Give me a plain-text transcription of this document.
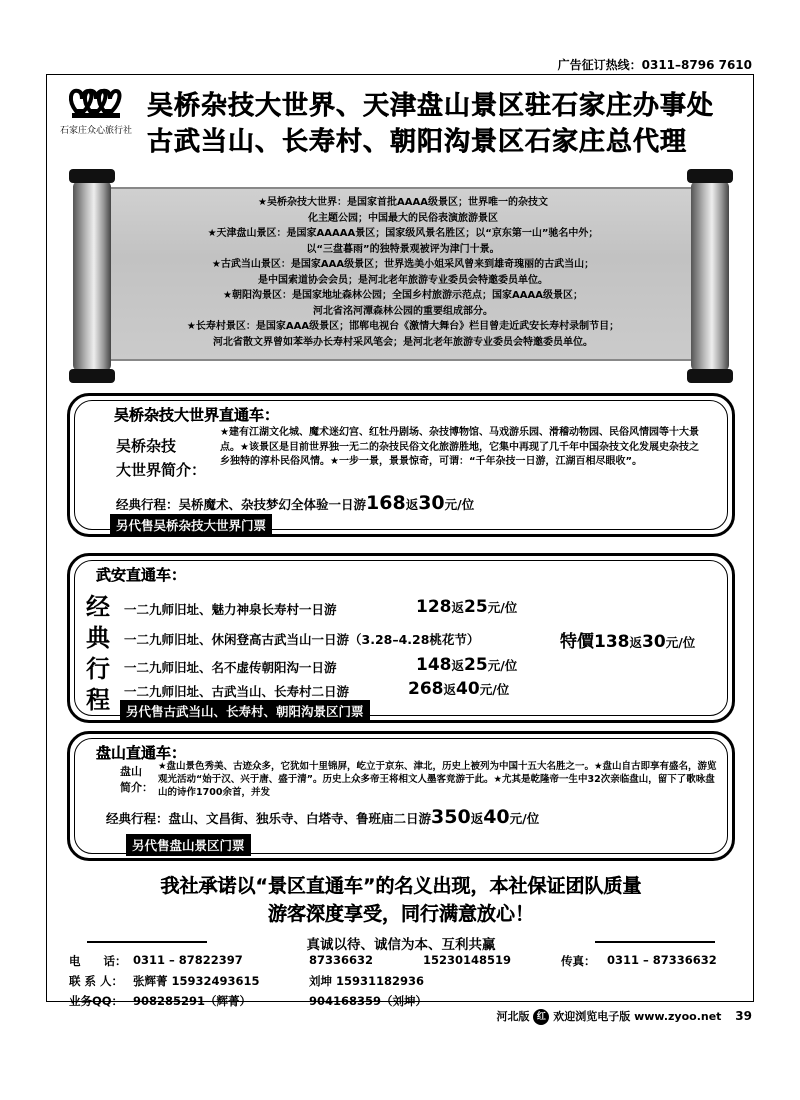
广告征订热线：0311–8796 7610
石家庄众心旅行社
吴桥杂技大世界、天津盘山景区驻石家庄办事处
古武当山、长寿村、朝阳沟景区石家庄总代理
★吴桥杂技大世界：是国家首批AAAA级景区；世界唯一的杂技文
化主题公园；中国最大的民俗表演旅游景区
★天津盘山景区：是国家AAAAA景区；国家级风景名胜区；以“京东第一山”驰名中外；
以“三盘暮雨”的独特景观被评为津门十景。
★古武当山景区：是国家AAA级景区；世界选美小姐采风曾来到雄奇瑰丽的古武当山；
是中国索道协会会员；是河北老年旅游专业委员会特邀委员单位。
★朝阳沟景区：是国家地址森林公园；全国乡村旅游示范点；国家AAAA级景区；
河北省洺河潭森林公园的重要组成部分。
★长寿村景区：是国家AAA级景区；邯郸电视台《激情大舞台》栏目曾走近武安长寿村录制节目；
河北省散文界曾如苯举办长寿村采风笔会；是河北老年旅游专业委员会特邀委员单位。
吴桥杂技大世界直通车：
吴桥杂技
大世界简介：
★建有江湖文化城、魔术迷幻宫、红牡丹剧场、杂技博物馆、马戏游乐园、滑稽动物园、民俗风情园等十大景点。★该景区是目前世界独一无二的杂技民俗文化旅游胜地，它集中再现了几千年中国杂技文化发展史杂技之乡独特的淳朴民俗风情。★一步一景，景景惊奇，可谓：“千年杂技一日游，江湖百相尽眼收”。
经典行程：吴桥魔术、杂技梦幻全体验一日游168返30元/位
另代售吴桥杂技大世界门票
武安直通车：
经
典
行
程
一二九师旧址、魅力神泉长寿村一日游	128返25元/位
一二九师旧址、休闲登高古武当山一日游（3.28–4.28桃花节）	特價138返30元/位
一二九师旧址、名不虚传朝阳沟一日游	148返25元/位
一二九师旧址、古武当山、长寿村二日游	268返40元/位
另代售古武当山、长寿村、朝阳沟景区门票
盘山直通车：
盘山
简介：
★盘山景色秀美、古迹众多，它犹如十里锦屏，屹立于京东、津北，历史上被列为中国十五大名胜之一。★盘山自古即享有盛名，游览观光活动“始于汉、兴于唐、盛于清”。历史上众多帝王将相文人墨客竞游于此。★尤其是乾隆帝一生中32次亲临盘山，留下了歌咏盘山的诗作1700余首，并发
经典行程：盘山、文昌街、独乐寺、白塔寺、鲁班庙二日游350返40元/位
另代售盘山景区门票
我社承诺以“景区直通车”的名义出现，本社保证团队质量
游客深度享受，同行满意放心！
真诚以待、诚信为本、互利共赢
电　　话： 0311 – 87822397	87336632	15230148519	传真： 0311 – 87336632
联 系 人： 张辉菁 15932493615	刘坤 15931182936
业务QQ： 908285291（辉菁）	904168359（刘坤）
河北版 红 欢迎浏览电子版 www.zyoo.net 39
